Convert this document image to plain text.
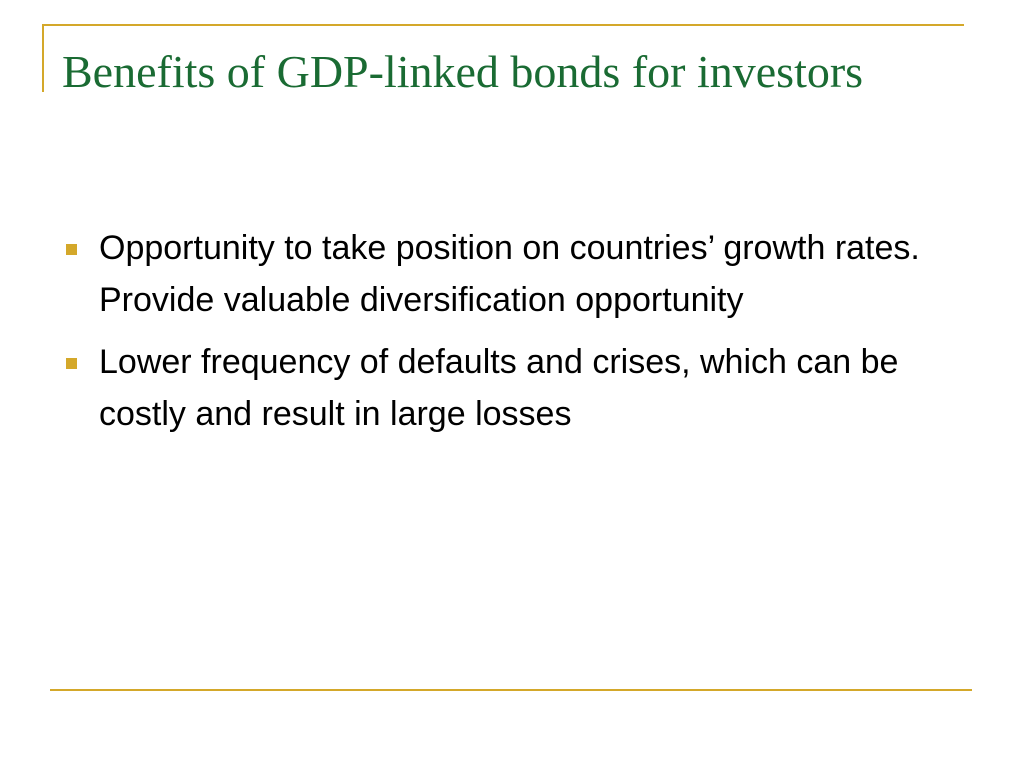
Benefits of GDP-linked bonds for investors
Opportunity to take position on countries’ growth rates. Provide valuable diversification opportunity
Lower frequency of defaults and crises, which can be costly and result in large losses
